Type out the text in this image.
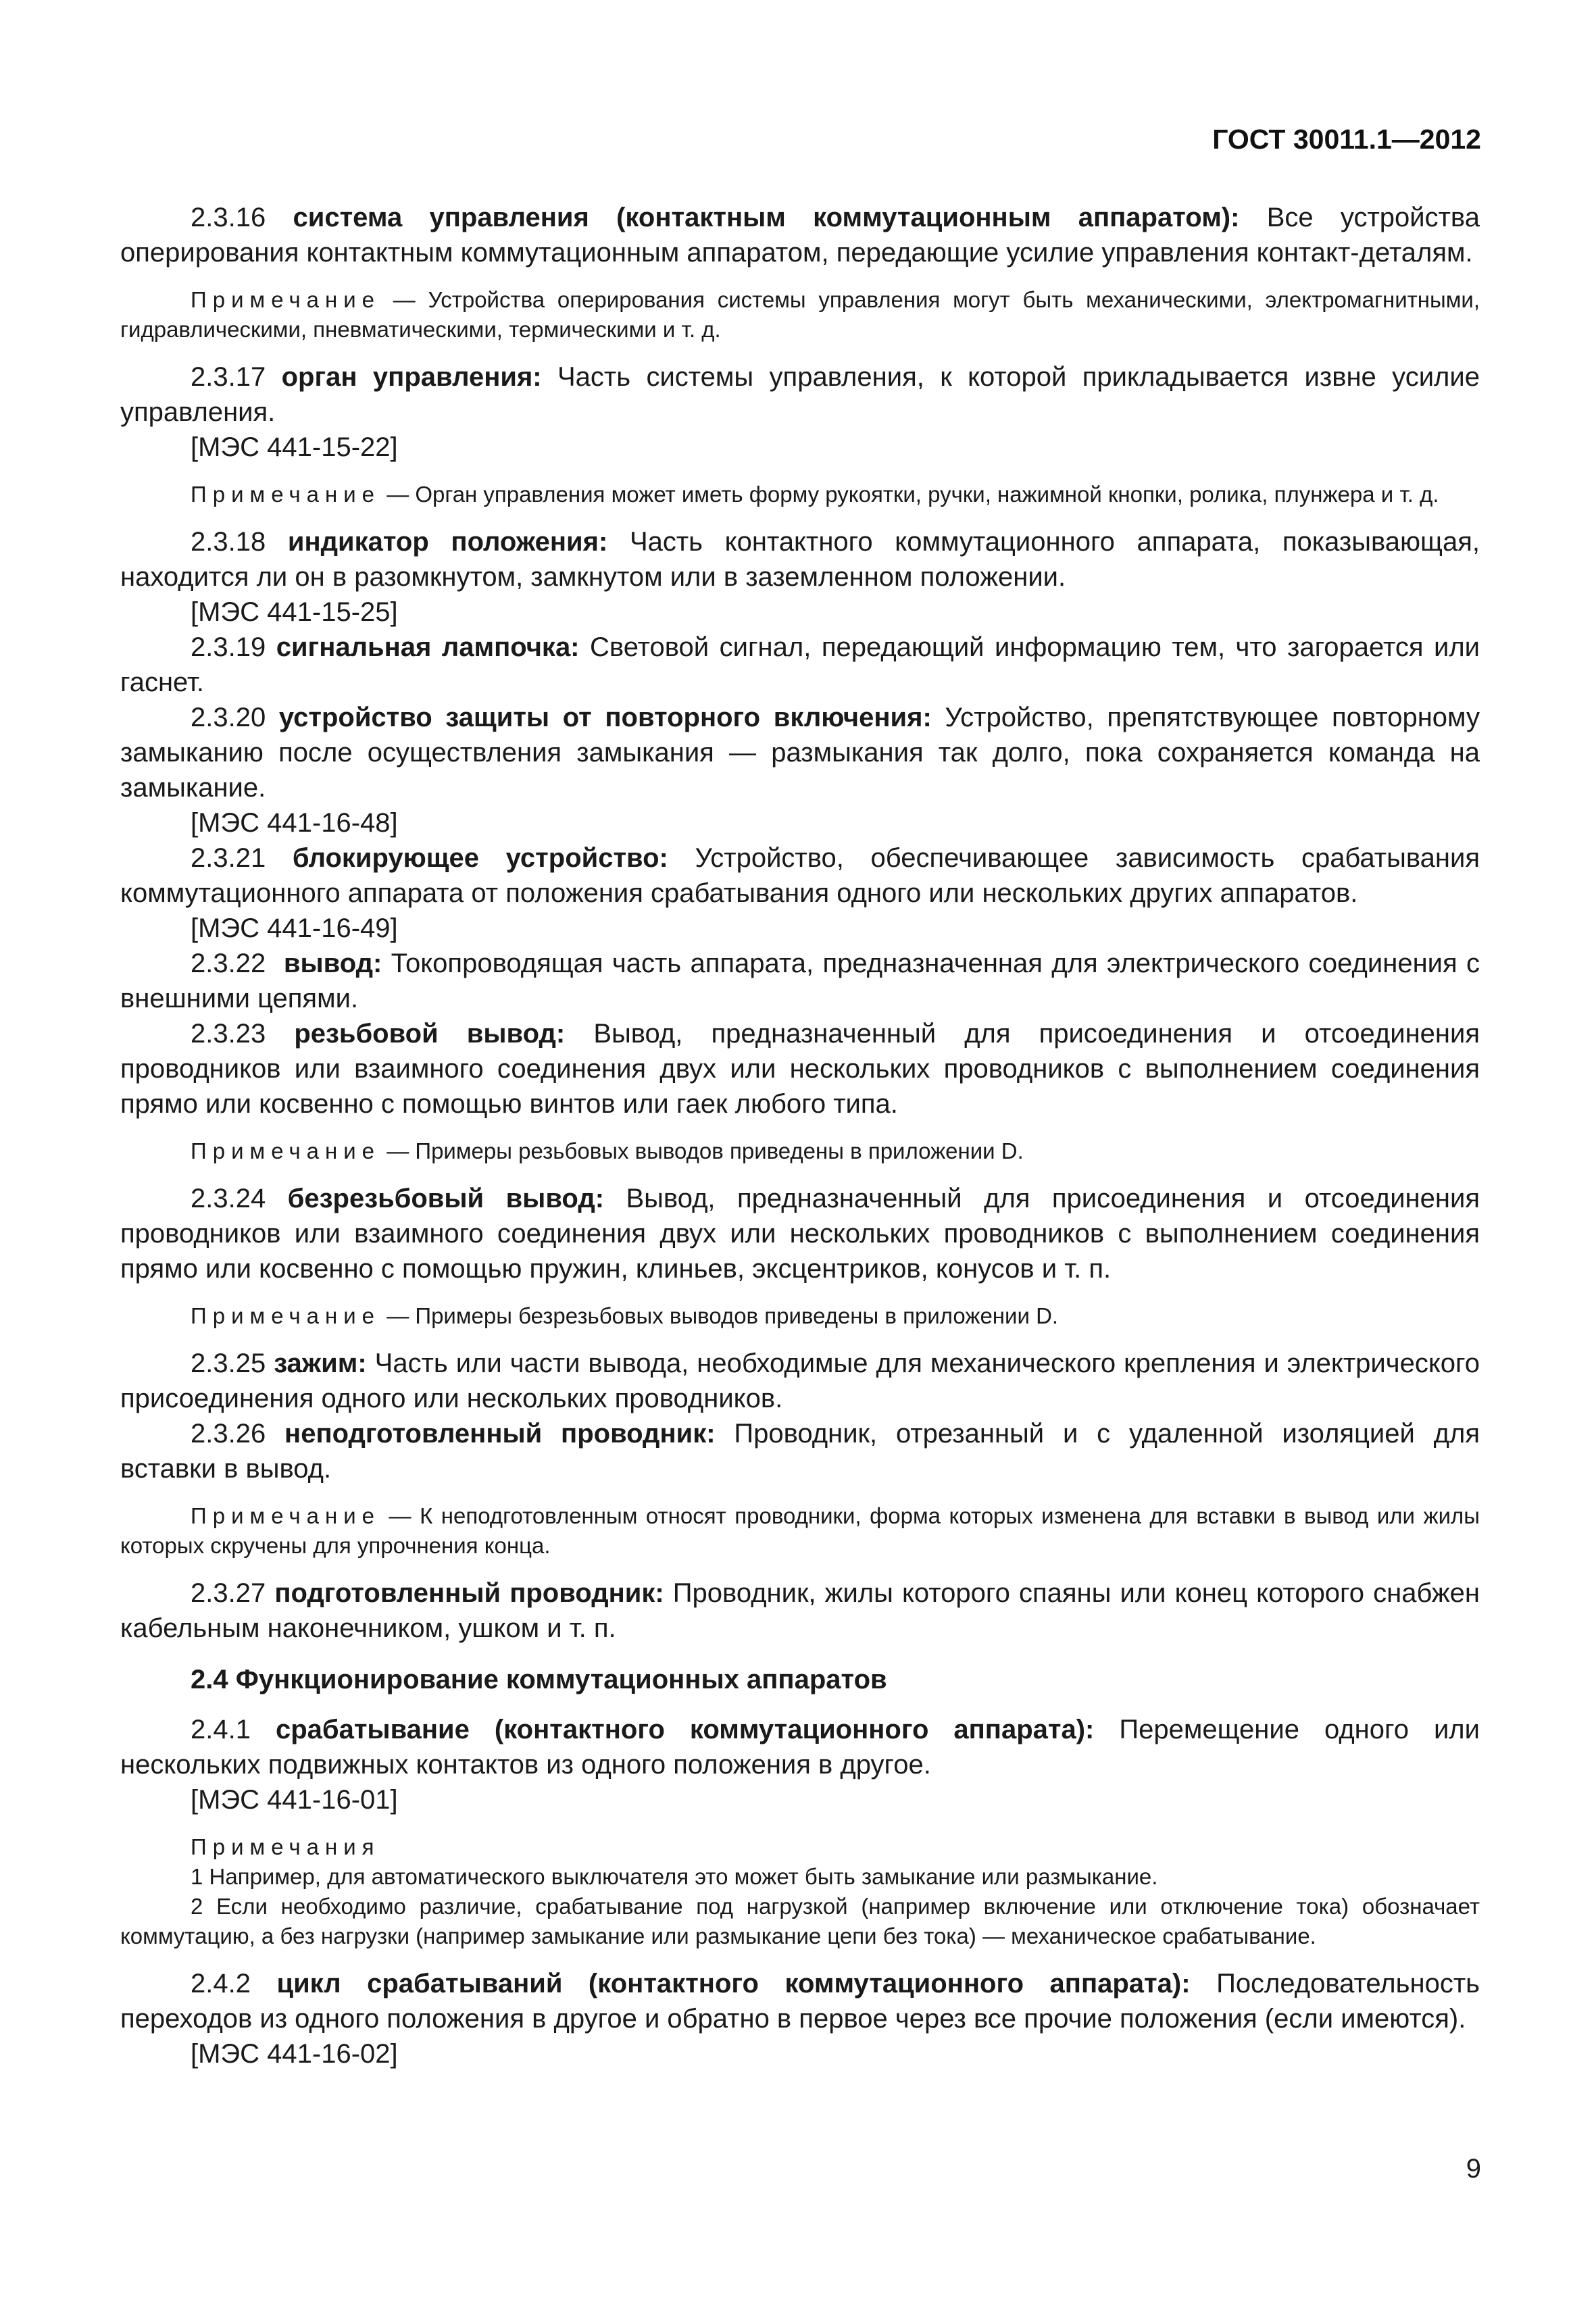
ГОСТ 30011.1—2012

2.3.16 система управления (контактным коммутационным аппаратом): Все устройства оперирования контактным коммутационным аппаратом, передающие усилие управления контакт-деталям.

Примечание — Устройства оперирования системы управления могут быть механическими, электромагнитными, гидравлическими, пневматическими, термическими и т. д.

2.3.17 орган управления: Часть системы управления, к которой прикладывается извне усилие управления.

[МЭС 441-15-22]

Примечание — Орган управления может иметь форму рукоятки, ручки, нажимной кнопки, ролика, плунжера и т. д.

2.3.18 индикатор положения: Часть контактного коммутационного аппарата, показывающая, находится ли он в разомкнутом, замкнутом или в заземленном положении.

[МЭС 441-15-25]

2.3.19 сигнальная лампочка: Световой сигнал, передающий информацию тем, что загорается или гаснет.

2.3.20 устройство защиты от повторного включения: Устройство, препятствующее повторному замыканию после осуществления замыкания — размыкания так долго, пока сохраняется команда на замыкание.

[МЭС 441-16-48]

2.3.21 блокирующее устройство: Устройство, обеспечивающее зависимость срабатывания коммутационного аппарата от положения срабатывания одного или нескольких других аппаратов.

[МЭС 441-16-49]

2.3.22 вывод: Токопроводящая часть аппарата, предназначенная для электрического соединения с внешними цепями.

2.3.23 резьбовой вывод: Вывод, предназначенный для присоединения и отсоединения проводников или взаимного соединения двух или нескольких проводников с выполнением соединения прямо или косвенно с помощью винтов или гаек любого типа.

Примечание — Примеры резьбовых выводов приведены в приложении D.

2.3.24 безрезьбовый вывод: Вывод, предназначенный для присоединения и отсоединения проводников или взаимного соединения двух или нескольких проводников с выполнением соединения прямо или косвенно с помощью пружин, клиньев, эксцентриков, конусов и т. п.

Примечание — Примеры безрезьбовых выводов приведены в приложении D.

2.3.25 зажим: Часть или части вывода, необходимые для механического крепления и электрического присоединения одного или нескольких проводников.

2.3.26 неподготовленный проводник: Проводник, отрезанный и с удаленной изоляцией для вставки в вывод.

Примечание — К неподготовленным относят проводники, форма которых изменена для вставки в вывод или жилы которых скручены для упрочнения конца.

2.3.27 подготовленный проводник: Проводник, жилы которого спаяны или конец которого снабжен кабельным наконечником, ушком и т. п.

2.4 Функционирование коммутационных аппаратов

2.4.1 срабатывание (контактного коммутационного аппарата): Перемещение одного или нескольких подвижных контактов из одного положения в другое.

[МЭС 441-16-01]

Примечания
1 Например, для автоматического выключателя это может быть замыкание или размыкание.
2 Если необходимо различие, срабатывание под нагрузкой (например включение или отключение тока) обозначает коммутацию, а без нагрузки (например замыкание или размыкание цепи без тока) — механическое срабатывание.

2.4.2 цикл срабатываний (контактного коммутационного аппарата): Последовательность переходов из одного положения в другое и обратно в первое через все прочие положения (если имеются).

[МЭС 441-16-02]

9
